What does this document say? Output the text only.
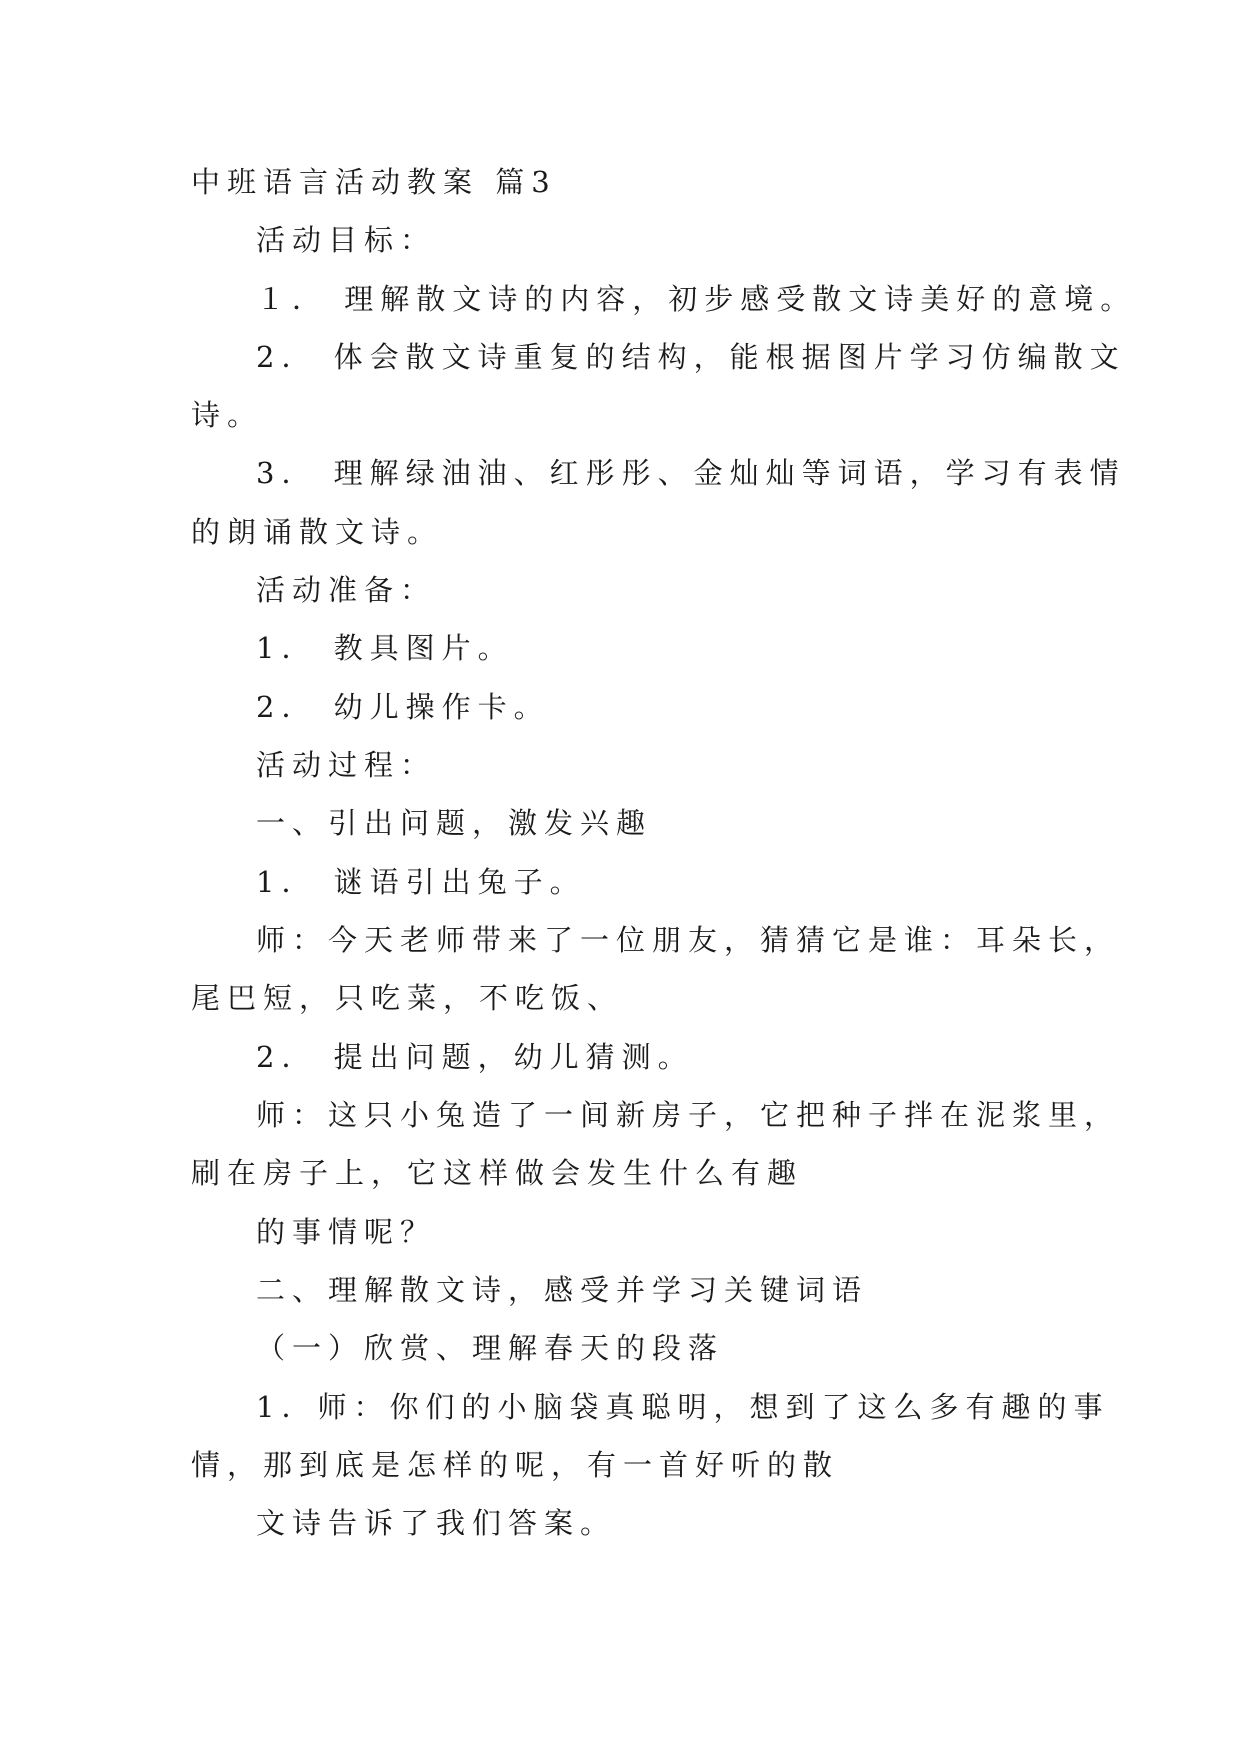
中班语言活动教案 篇3

活动目标：

１． 理解散文诗的内容，初步感受散文诗美好的意境。

2． 体会散文诗重复的结构，能根据图片学习仿编散文

诗。

3． 理解绿油油、红彤彤、金灿灿等词语，学习有表情

的朗诵散文诗。

活动准备：

1． 教具图片。

2． 幼儿操作卡。

活动过程：

一、引出问题，激发兴趣

1． 谜语引出兔子。

师：今天老师带来了一位朋友，猜猜它是谁：耳朵长，

尾巴短，只吃菜，不吃饭、

2． 提出问题，幼儿猜测。

师：这只小兔造了一间新房子，它把种子拌在泥浆里，

刷在房子上，它这样做会发生什么有趣

的事情呢？

二、理解散文诗，感受并学习关键词语

（一）欣赏、理解春天的段落

1．师：你们的小脑袋真聪明，想到了这么多有趣的事

情，那到底是怎样的呢，有一首好听的散

文诗告诉了我们答案。
